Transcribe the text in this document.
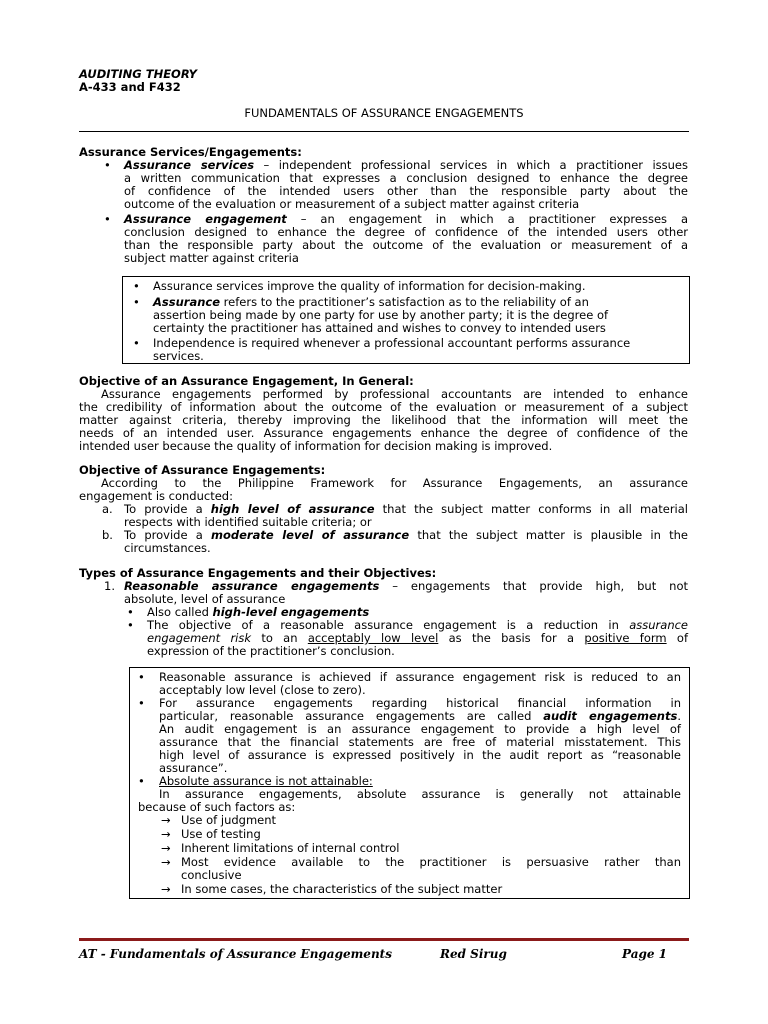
AUDITING THEORY
A-433 and F432
FUNDAMENTALS OF ASSURANCE ENGAGEMENTS
Assurance Services/Engagements:
• Assurance services – independent professional services in which a practitioner issues
a written communication that expresses a conclusion designed to enhance the degree
of confidence of the intended users other than the responsible party about the
outcome of the evaluation or measurement of a subject matter against criteria
• Assurance engagement – an engagement in which a practitioner expresses a
conclusion designed to enhance the degree of confidence of the intended users other
than the responsible party about the outcome of the evaluation or measurement of a
subject matter against criteria
• Assurance services improve the quality of information for decision-making.
• Assurance refers to the practitioner’s satisfaction as to the reliability of an
assertion being made by one party for use by another party; it is the degree of
certainty the practitioner has attained and wishes to convey to intended users
• Independence is required whenever a professional accountant performs assurance
services.
Objective of an Assurance Engagement, In General:
Assurance engagements performed by professional accountants are intended to enhance
the credibility of information about the outcome of the evaluation or measurement of a subject
matter against criteria, thereby improving the likelihood that the information will meet the
needs of an intended user. Assurance engagements enhance the degree of confidence of the
intended user because the quality of information for decision making is improved.
Objective of Assurance Engagements:
According to the Philippine Framework for Assurance Engagements, an assurance
engagement is conducted:
a. To provide a high level of assurance that the subject matter conforms in all material
respects with identified suitable criteria; or
b. To provide a moderate level of assurance that the subject matter is plausible in the
circumstances.
Types of Assurance Engagements and their Objectives:
1. Reasonable assurance engagements – engagements that provide high, but not
absolute, level of assurance
• Also called high-level engagements
• The objective of a reasonable assurance engagement is a reduction in assurance
engagement risk to an acceptably low level as the basis for a positive form of
expression of the practitioner’s conclusion.
• Reasonable assurance is achieved if assurance engagement risk is reduced to an
acceptably low level (close to zero).
• For assurance engagements regarding historical financial information in
particular, reasonable assurance engagements are called audit engagements.
An audit engagement is an assurance engagement to provide a high level of
assurance that the financial statements are free of material misstatement. This
high level of assurance is expressed positively in the audit report as “reasonable
assurance”.
• Absolute assurance is not attainable:
In assurance engagements, absolute assurance is generally not attainable
because of such factors as:
→ Use of judgment
→ Use of testing
→ Inherent limitations of internal control
→ Most evidence available to the practitioner is persuasive rather than
conclusive
→ In some cases, the characteristics of the subject matter
AT - Fundamentals of Assurance Engagements	Red Sirug	Page 1
